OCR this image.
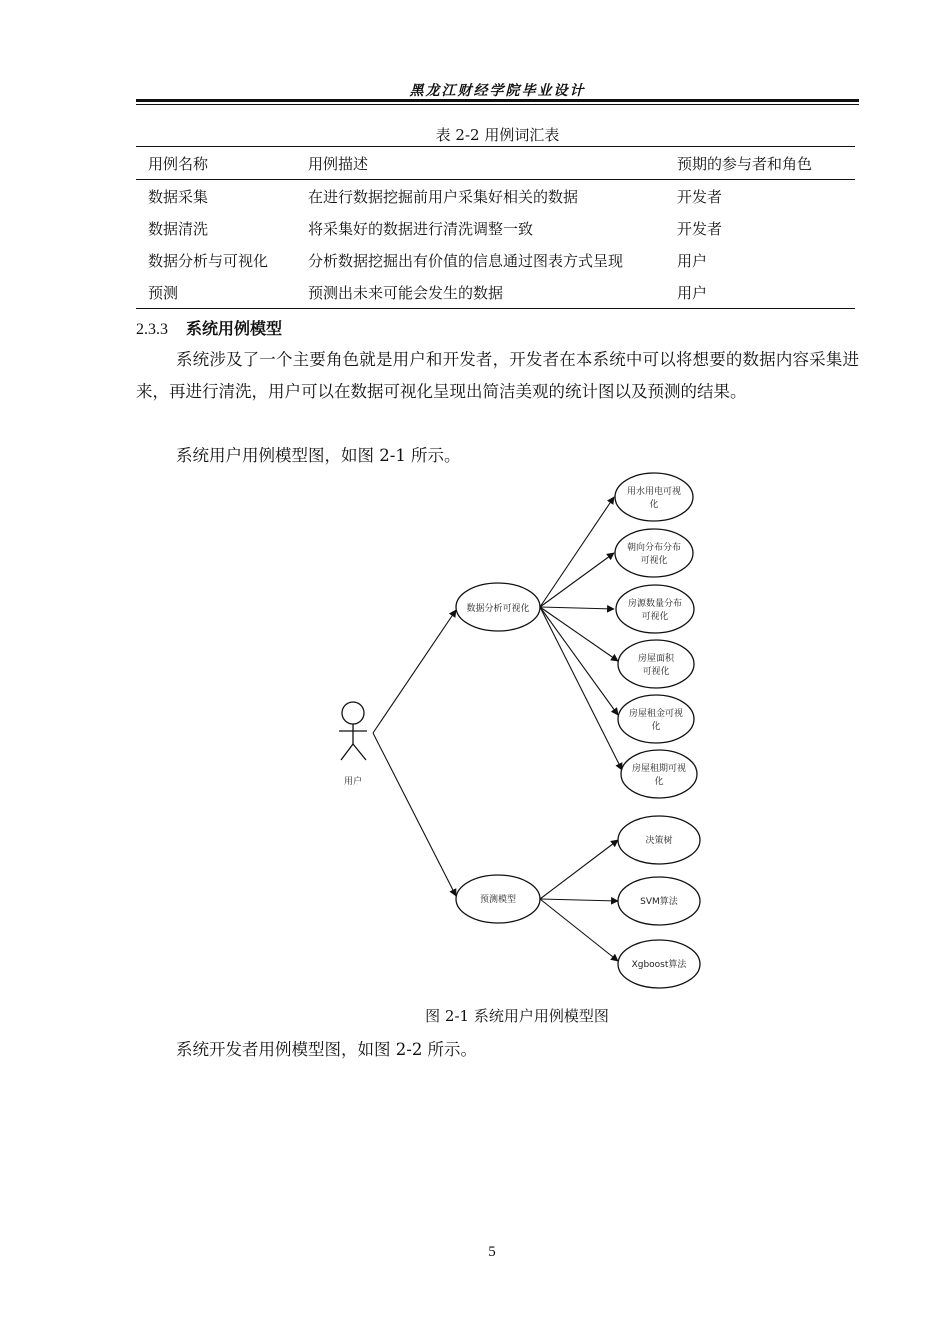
黑龙江财经学院毕业设计
表 2-2 用例词汇表
用例名称	用例描述	预期的参与者和角色
数据采集	在进行数据挖掘前用户采集好相关的数据	开发者
数据清洗	将采集好的数据进行清洗调整一致	开发者
数据分析与可视化	分析数据挖掘出有价值的信息通过图表方式呈现	用户
预测	预测出未来可能会发生的数据	用户
2.3.3 系统用例模型

系统涉及了一个主要角色就是用户和开发者，开发者在本系统中可以将想要的数据内容采集进来，再进行清洗，用户可以在数据可视化呈现出简洁美观的统计图以及预测的结果。

系统用户用例模型图，如图 2-1 所示。

用户
数据分析可视化
预测模型
用水用电可视
化
朝向分布分布
可视化
房源数量分布
可视化
房屋面积
可视化
房屋租金可视
化
房屋租期可视
化
决策树
SVM算法
Xgboost算法
图 2-1 系统用户用例模型图

系统开发者用例模型图，如图 2-2 所示。

5
